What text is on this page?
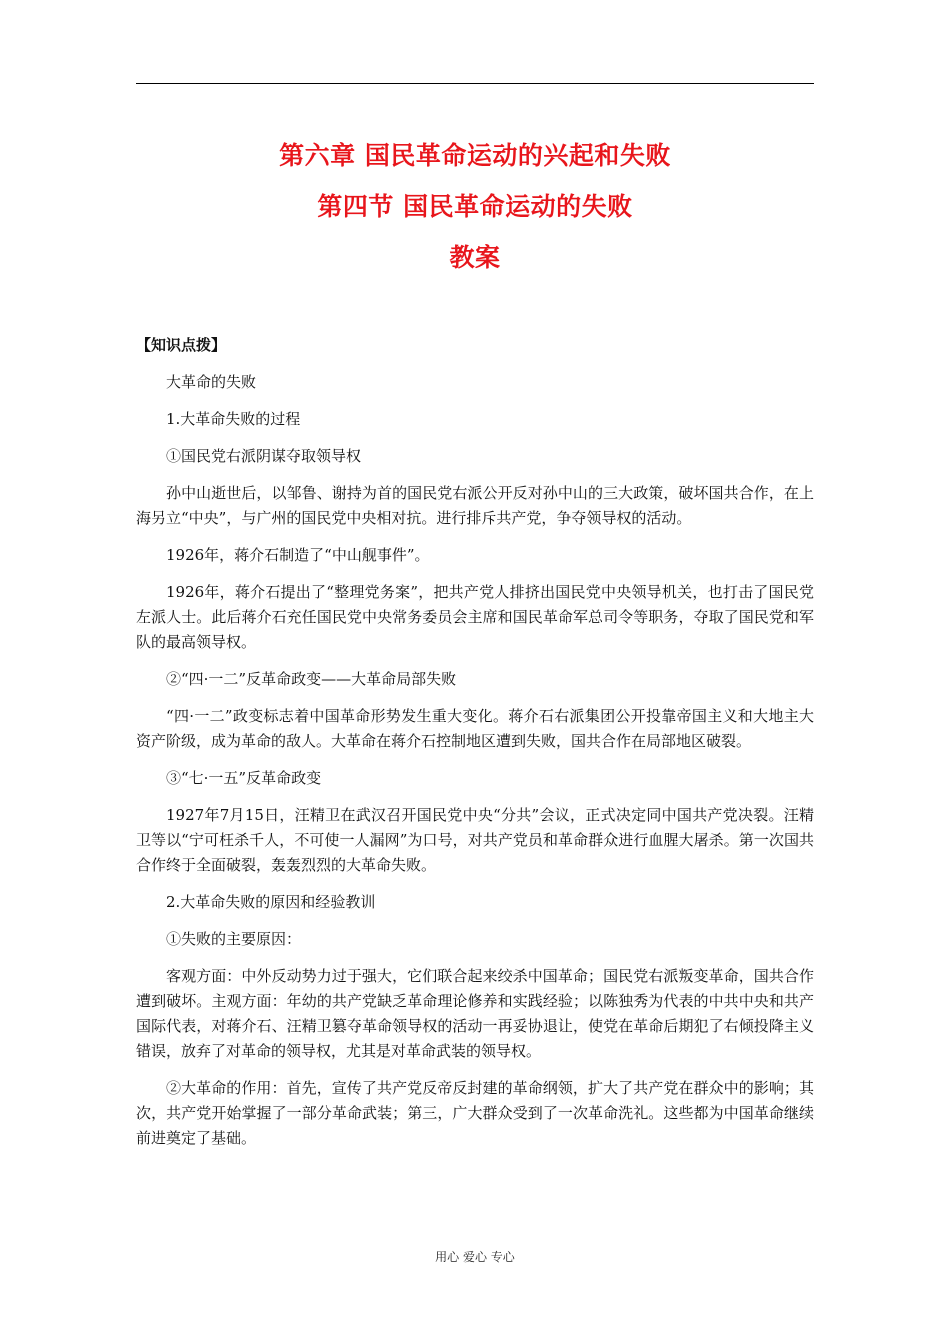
第六章 国民革命运动的兴起和失败
第四节 国民革命运动的失败
教案

【知识点拨】

大革命的失败

1.大革命失败的过程

①国民党右派阴谋夺取领导权

孙中山逝世后，以邹鲁、谢持为首的国民党右派公开反对孙中山的三大政策，破坏国共合作，在上海另立“中央”，与广州的国民党中央相对抗。进行排斥共产党，争夺领导权的活动。

1926年，蒋介石制造了“中山舰事件”。

1926年，蒋介石提出了“整理党务案”，把共产党人排挤出国民党中央领导机关，也打击了国民党左派人士。此后蒋介石充任国民党中央常务委员会主席和国民革命军总司令等职务，夺取了国民党和军队的最高领导权。

②“四·一二”反革命政变——大革命局部失败

“四·一二”政变标志着中国革命形势发生重大变化。蒋介石右派集团公开投靠帝国主义和大地主大资产阶级，成为革命的敌人。大革命在蒋介石控制地区遭到失败，国共合作在局部地区破裂。

③“七·一五”反革命政变

1927年7月15日，汪精卫在武汉召开国民党中央“分共”会议，正式决定同中国共产党决裂。汪精卫等以“宁可枉杀千人，不可使一人漏网”为口号，对共产党员和革命群众进行血腥大屠杀。第一次国共合作终于全面破裂，轰轰烈烈的大革命失败。

2.大革命失败的原因和经验教训

①失败的主要原因：

客观方面：中外反动势力过于强大，它们联合起来绞杀中国革命；国民党右派叛变革命，国共合作遭到破坏。主观方面：年幼的共产党缺乏革命理论修养和实践经验；以陈独秀为代表的中共中央和共产国际代表，对蒋介石、汪精卫篡夺革命领导权的活动一再妥协退让，使党在革命后期犯了右倾投降主义错误，放弃了对革命的领导权，尤其是对革命武装的领导权。

②大革命的作用：首先，宣传了共产党反帝反封建的革命纲领，扩大了共产党在群众中的影响；其次，共产党开始掌握了一部分革命武装；第三，广大群众受到了一次革命洗礼。这些都为中国革命继续前进奠定了基础。

用心 爱心 专心
